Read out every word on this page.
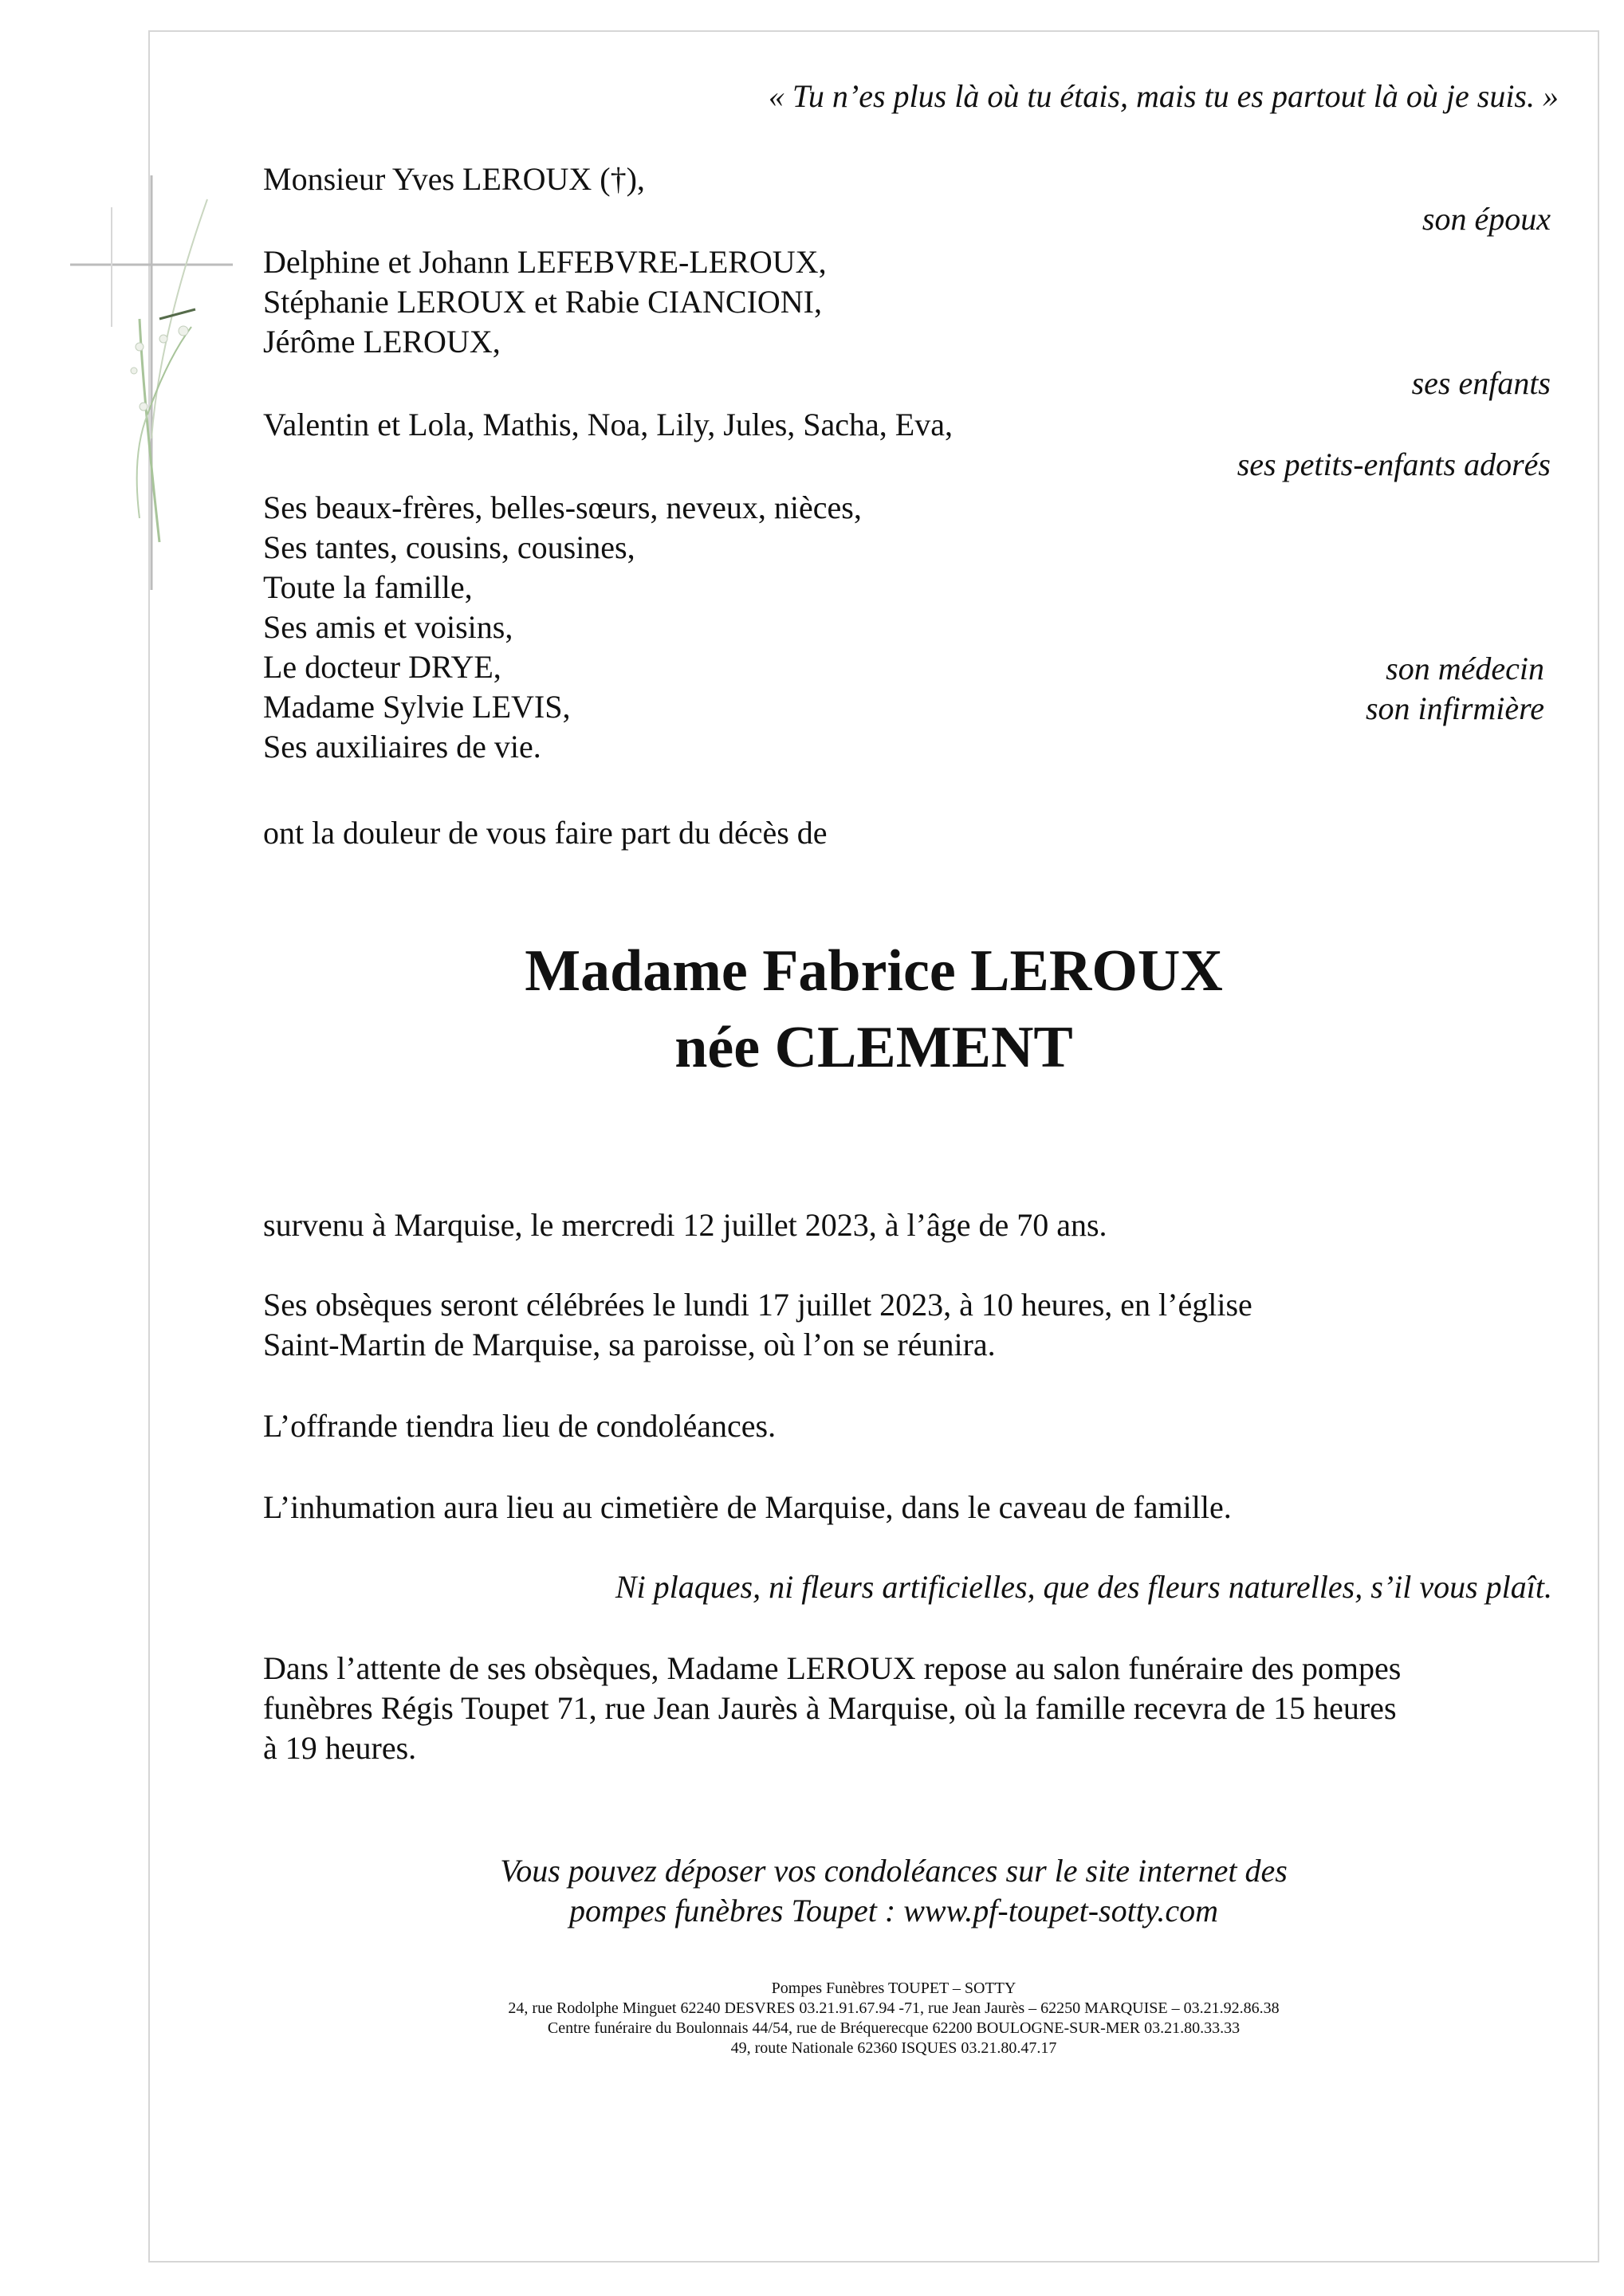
« Tu n’es plus là où tu étais, mais tu es partout là où je suis. »
Monsieur Yves LEROUX (†),
son époux
Delphine et Johann LEFEBVRE-LEROUX,
Stéphanie LEROUX et Rabie CIANCIONI,
Jérôme LEROUX,
ses enfants
Valentin et Lola, Mathis, Noa, Lily, Jules, Sacha, Eva,
ses petits-enfants adorés
Ses beaux-frères, belles-sœurs, neveux, nièces,
Ses tantes, cousins, cousines,
Toute la famille,
Ses amis et voisins,
Le docteur DRYE,
Madame Sylvie LEVIS,
Ses auxiliaires de vie.
son médecin
son infirmière
ont la douleur de vous faire part du décès de
Madame Fabrice LEROUX
née CLEMENT
survenu à Marquise, le mercredi 12 juillet 2023, à l’âge de 70 ans.
Ses obsèques seront célébrées le lundi 17 juillet 2023, à 10 heures, en l’église
Saint-Martin de Marquise, sa paroisse, où l’on se réunira.
L’offrande tiendra lieu de condoléances.
L’inhumation aura lieu au cimetière de Marquise, dans le caveau de famille.
Ni plaques, ni fleurs artificielles, que des fleurs naturelles, s’il vous plaît.
Dans l’attente de ses obsèques, Madame LEROUX repose au salon funéraire des pompes
funèbres Régis Toupet 71, rue Jean Jaurès à Marquise, où la famille recevra de 15 heures
à 19 heures.
Vous pouvez déposer vos condoléances sur le site internet des
pompes funèbres Toupet : www.pf-toupet-sotty.com
Pompes Funèbres TOUPET – SOTTY
24, rue Rodolphe Minguet 62240 DESVRES 03.21.91.67.94 -71, rue Jean Jaurès – 62250 MARQUISE – 03.21.92.86.38
Centre funéraire du Boulonnais 44/54, rue de Bréquerecque 62200 BOULOGNE-SUR-MER 03.21.80.33.33
49, route Nationale 62360 ISQUES 03.21.80.47.17
